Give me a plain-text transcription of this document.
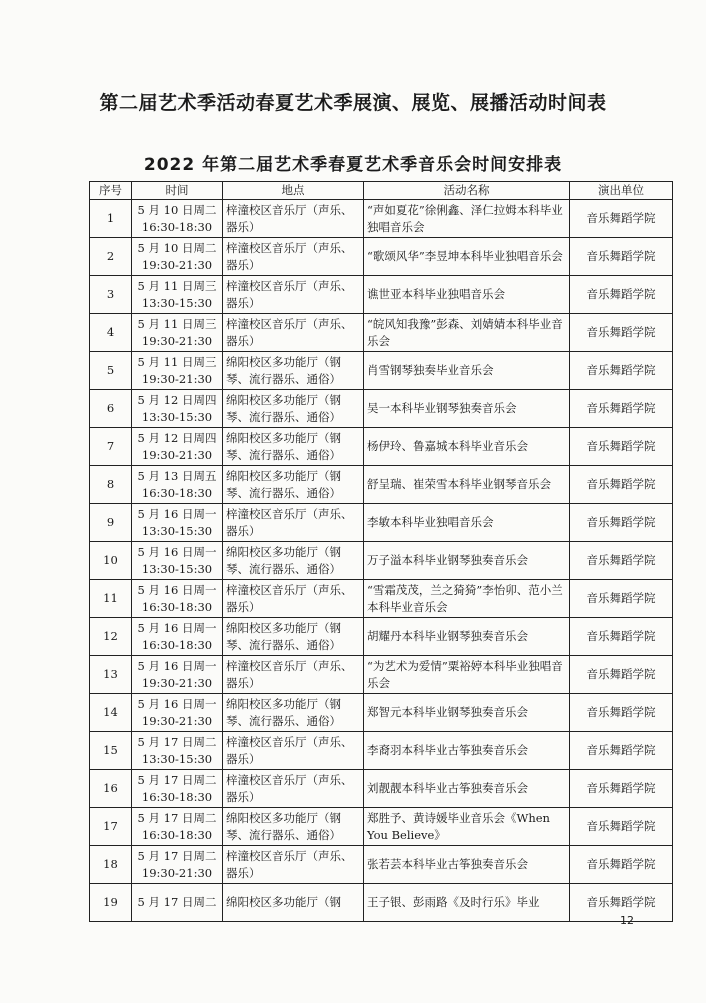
第二届艺术季活动春夏艺术季展演、展览、展播活动时间表
2022 年第二届艺术季春夏艺术季音乐会时间安排表
序号	时间	地点	活动名称	演出单位
1	5 月 10 日周二 16:30-18:30	梓潼校区音乐厅（声乐、器乐）	“声如夏花”徐俐鑫、泽仁拉姆本科毕业独唱音乐会	音乐舞蹈学院
2	5 月 10 日周二 19:30-21:30	梓潼校区音乐厅（声乐、器乐）	“歌颂风华”李昱坤本科毕业独唱音乐会	音乐舞蹈学院
3	5 月 11 日周三 13:30-15:30	梓潼校区音乐厅（声乐、器乐）	谯世亚本科毕业独唱音乐会	音乐舞蹈学院
4	5 月 11 日周三 19:30-21:30	梓潼校区音乐厅（声乐、器乐）	“皖风知我豫”彭森、刘婧婧本科毕业音乐会	音乐舞蹈学院
5	5 月 11 日周三 19:30-21:30	绵阳校区多功能厅（钢琴、流行器乐、通俗）	肖雪钢琴独奏毕业音乐会	音乐舞蹈学院
6	5 月 12 日周四 13:30-15:30	绵阳校区多功能厅（钢琴、流行器乐、通俗）	吴一本科毕业钢琴独奏音乐会	音乐舞蹈学院
7	5 月 12 日周四 19:30-21:30	绵阳校区多功能厅（钢琴、流行器乐、通俗）	杨伊玲、鲁嘉城本科毕业音乐会	音乐舞蹈学院
8	5 月 13 日周五 16:30-18:30	绵阳校区多功能厅（钢琴、流行器乐、通俗）	舒呈瑞、崔荣雪本科毕业钢琴音乐会	音乐舞蹈学院
9	5 月 16 日周一 13:30-15:30	梓潼校区音乐厅（声乐、器乐）	李敏本科毕业独唱音乐会	音乐舞蹈学院
10	5 月 16 日周一 13:30-15:30	绵阳校区多功能厅（钢琴、流行器乐、通俗）	万子溢本科毕业钢琴独奏音乐会	音乐舞蹈学院
11	5 月 16 日周一 16:30-18:30	梓潼校区音乐厅（声乐、器乐）	“雪霜茂茂，兰之猗猗”李怡卯、范小兰本科毕业音乐会	音乐舞蹈学院
12	5 月 16 日周一 16:30-18:30	绵阳校区多功能厅（钢琴、流行器乐、通俗）	胡耀丹本科毕业钢琴独奏音乐会	音乐舞蹈学院
13	5 月 16 日周一 19:30-21:30	梓潼校区音乐厅（声乐、器乐）	“为艺术为爱情”粟裕婷本科毕业独唱音乐会	音乐舞蹈学院
14	5 月 16 日周一 19:30-21:30	绵阳校区多功能厅（钢琴、流行器乐、通俗）	郑智元本科毕业钢琴独奏音乐会	音乐舞蹈学院
15	5 月 17 日周二 13:30-15:30	梓潼校区音乐厅（声乐、器乐）	李裔羽本科毕业古筝独奏音乐会	音乐舞蹈学院
16	5 月 17 日周二 16:30-18:30	梓潼校区音乐厅（声乐、器乐）	刘靓靓本科毕业古筝独奏音乐会	音乐舞蹈学院
17	5 月 17 日周二 16:30-18:30	绵阳校区多功能厅（钢琴、流行器乐、通俗）	郑胜予、黄诗媛毕业音乐会《When You Believe》	音乐舞蹈学院
18	5 月 17 日周二 19:30-21:30	梓潼校区音乐厅（声乐、器乐）	张若芸本科毕业古筝独奏音乐会	音乐舞蹈学院
19	5 月 17 日周二	绵阳校区多功能厅（钢	王子银、彭雨路《及时行乐》毕业	音乐舞蹈学院
12
